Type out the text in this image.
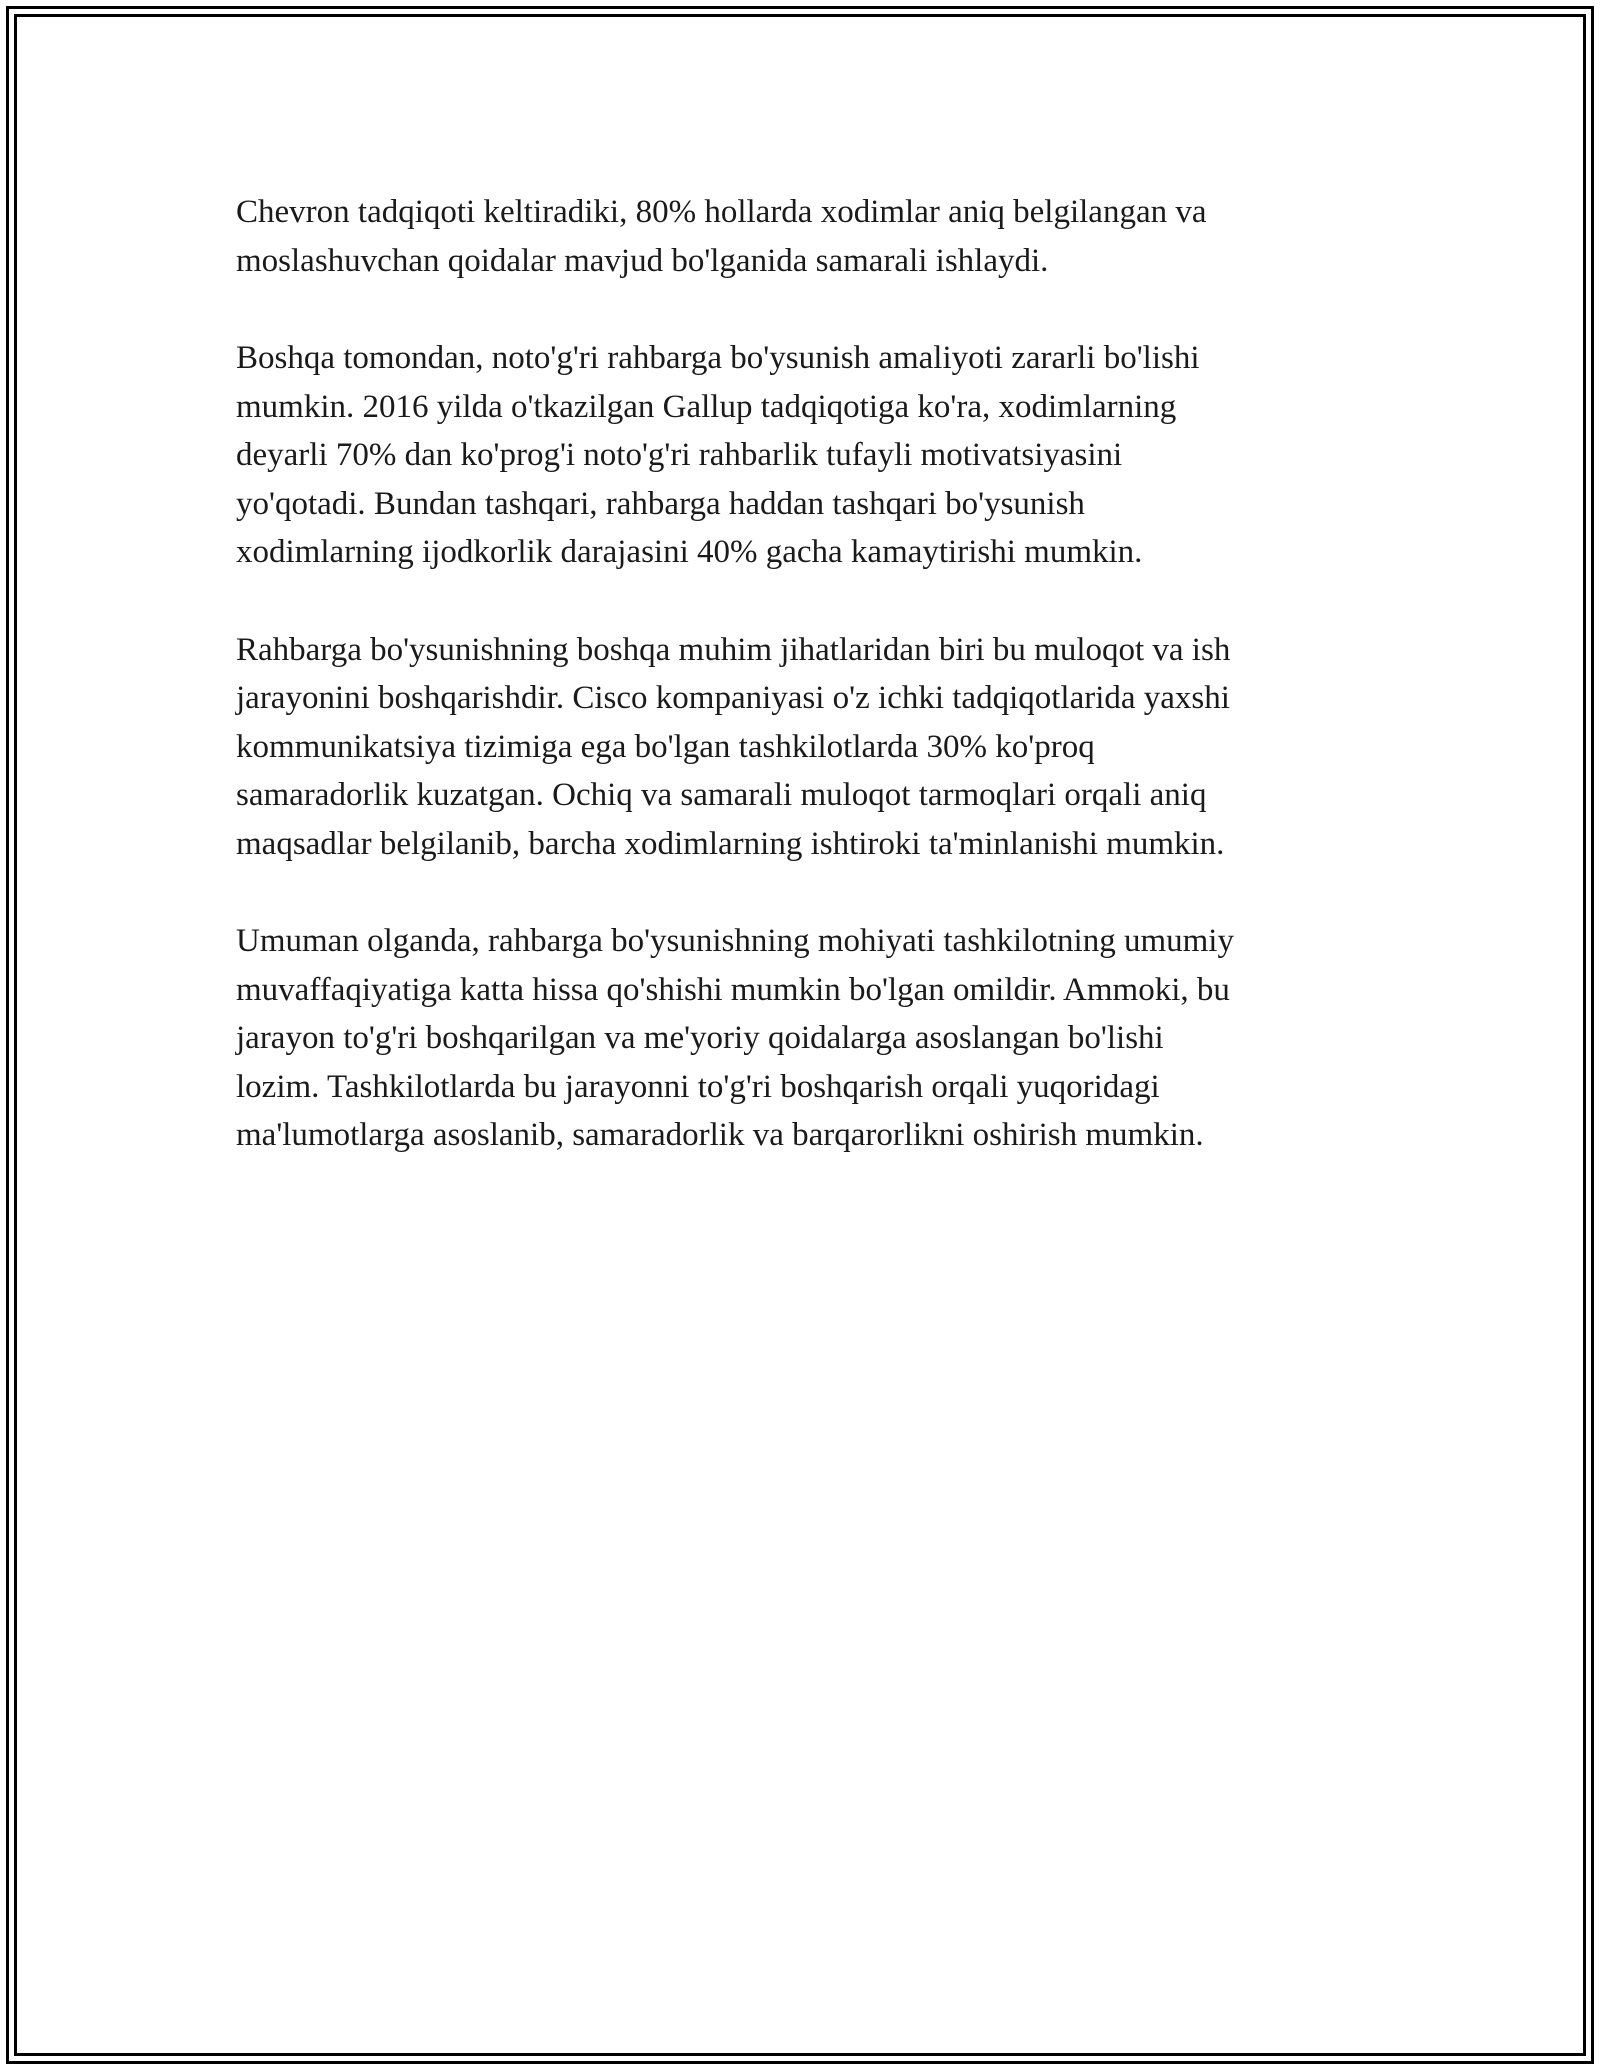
Chevron tadqiqoti keltiradiki, 80% hollarda xodimlar aniq belgilangan va
moslashuvchan qoidalar mavjud bo'lganida samarali ishlaydi.

Boshqa tomondan, noto'g'ri rahbarga bo'ysunish amaliyoti zararli bo'lishi
mumkin. 2016 yilda o'tkazilgan Gallup tadqiqotiga ko'ra, xodimlarning
deyarli 70% dan ko'prog'i noto'g'ri rahbarlik tufayli motivatsiyasini
yo'qotadi. Bundan tashqari, rahbarga haddan tashqari bo'ysunish
xodimlarning ijodkorlik darajasini 40% gacha kamaytirishi mumkin.

Rahbarga bo'ysunishning boshqa muhim jihatlaridan biri bu muloqot va ish
jarayonini boshqarishdir. Cisco kompaniyasi o'z ichki tadqiqotlarida yaxshi
kommunikatsiya tizimiga ega bo'lgan tashkilotlarda 30% ko'proq
samaradorlik kuzatgan. Ochiq va samarali muloqot tarmoqlari orqali aniq
maqsadlar belgilanib, barcha xodimlarning ishtiroki ta'minlanishi mumkin.

Umuman olganda, rahbarga bo'ysunishning mohiyati tashkilotning umumiy
muvaffaqiyatiga katta hissa qo'shishi mumkin bo'lgan omildir. Ammoki, bu
jarayon to'g'ri boshqarilgan va me'yoriy qoidalarga asoslangan bo'lishi
lozim. Tashkilotlarda bu jarayonni to'g'ri boshqarish orqali yuqoridagi
ma'lumotlarga asoslanib, samaradorlik va barqarorlikni oshirish mumkin.
